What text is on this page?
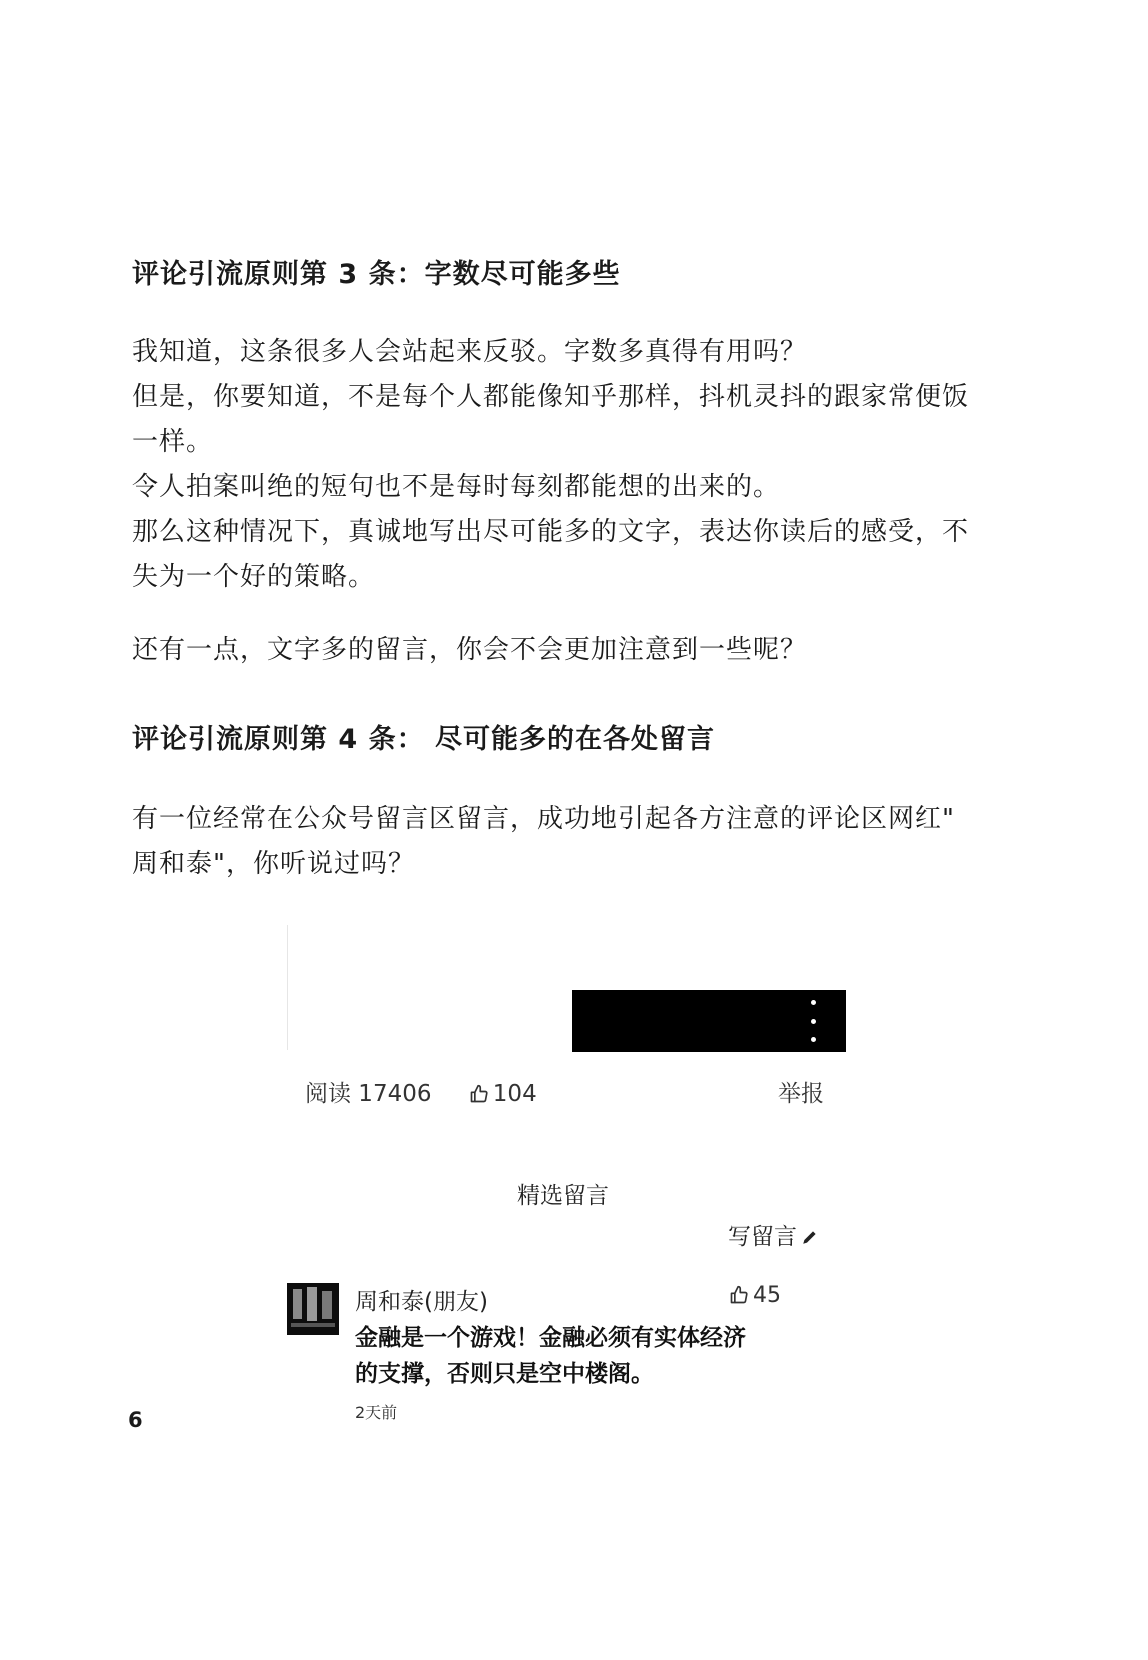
评论引流原则第 3 条：字数尽可能多些
我知道，这条很多人会站起来反驳。字数多真得有用吗？
但是，你要知道，不是每个人都能像知乎那样，抖机灵抖的跟家常便饭
一样。
令人拍案叫绝的短句也不是每时每刻都能想的出来的。
那么这种情况下，真诚地写出尽可能多的文字，表达你读后的感受，不
失为一个好的策略。
还有一点，文字多的留言，你会不会更加注意到一些呢？
评论引流原则第 4 条： 尽可能多的在各处留言
有一位经常在公众号留言区留言，成功地引起各方注意的评论区网红"
周和泰"，你听说过吗？
阅读 17406	104	举报
精选留言
写留言
周和泰(朋友)	45
金融是一个游戏！金融必须有实体经济
的支撑，否则只是空中楼阁。
2天前
6
